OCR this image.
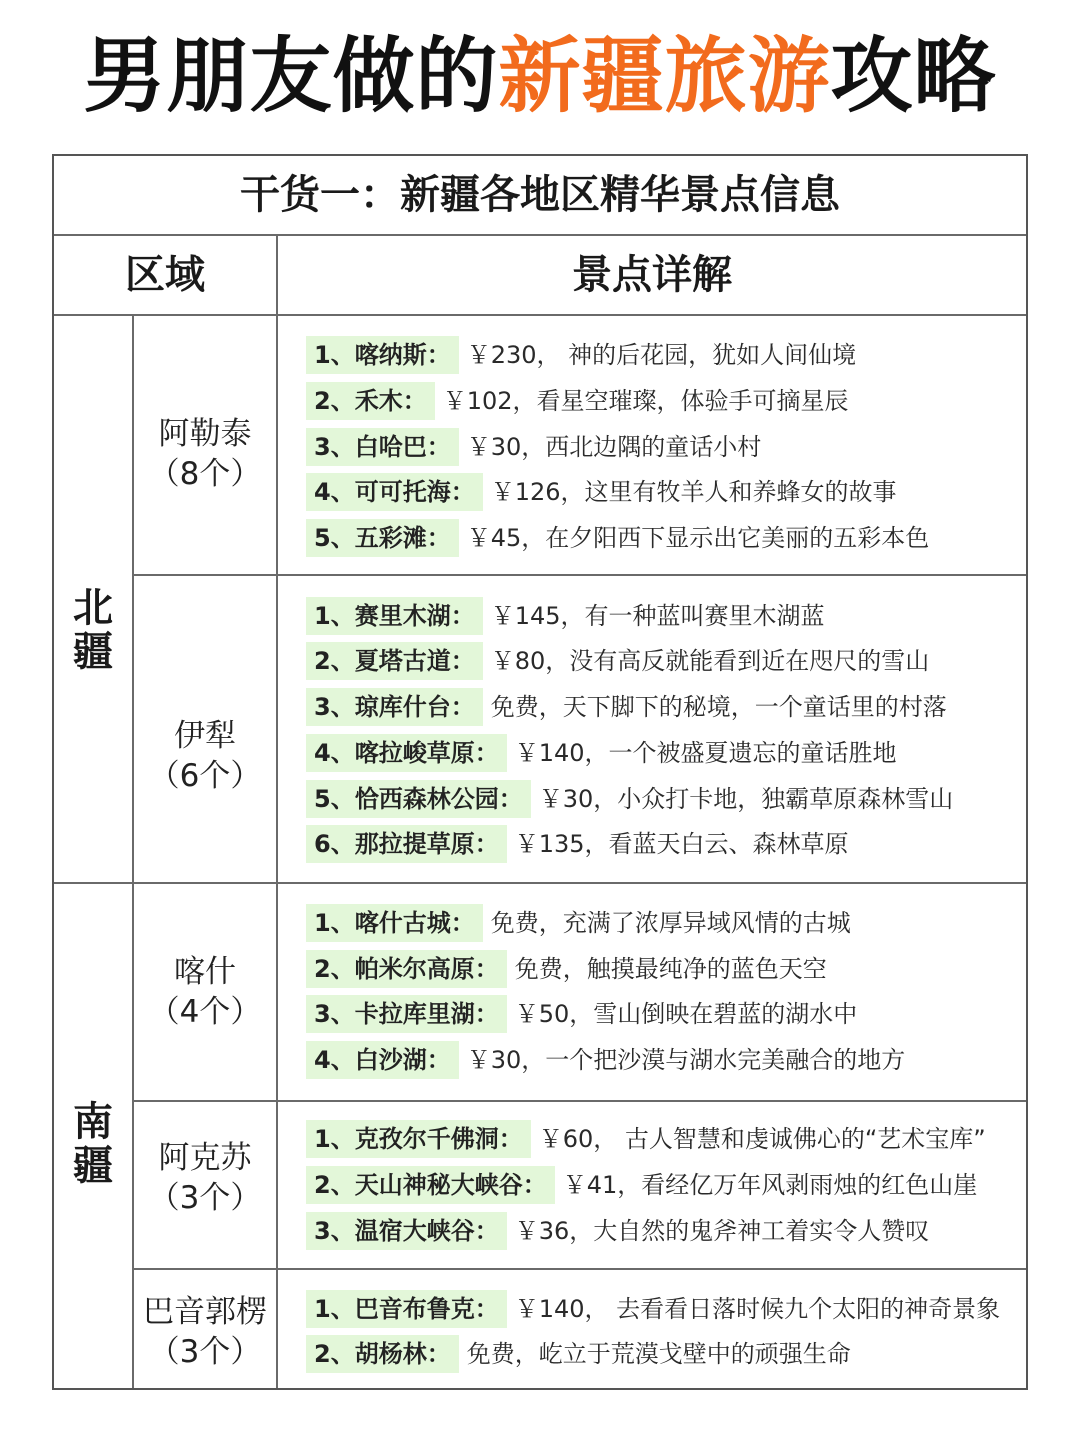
男朋友做的新疆旅游攻略
干货一：新疆各地区精华景点信息
区域	景点详解
北
疆
阿勒泰
（8个）
1、喀纳斯： ￥230， 神的后花园，犹如人间仙境
2、禾木： ￥102，看星空璀璨，体验手可摘星辰
3、白哈巴： ￥30，西北边隅的童话小村
4、可可托海： ￥126，这里有牧羊人和养蜂女的故事
5、五彩滩： ￥45，在夕阳西下显示出它美丽的五彩本色
伊犁
（6个）
1、赛里木湖： ￥145，有一种蓝叫赛里木湖蓝
2、夏塔古道： ￥80，没有高反就能看到近在咫尺的雪山
3、琼库什台： 免费，天下脚下的秘境，一个童话里的村落
4、喀拉峻草原： ￥140，一个被盛夏遗忘的童话胜地
5、恰西森林公园： ￥30，小众打卡地，独霸草原森林雪山
6、那拉提草原： ￥135，看蓝天白云、森林草原
南
疆
喀什
（4个）
1、喀什古城： 免费，充满了浓厚异域风情的古城
2、帕米尔高原： 免费，触摸最纯净的蓝色天空
3、卡拉库里湖： ￥50，雪山倒映在碧蓝的湖水中
4、白沙湖： ￥30，一个把沙漠与湖水完美融合的地方
阿克苏
（3个）
1、克孜尔千佛洞： ￥60， 古人智慧和虔诚佛心的“艺术宝库”
2、天山神秘大峡谷： ￥41，看经亿万年风剥雨烛的红色山崖
3、温宿大峡谷： ￥36，大自然的鬼斧神工着实令人赞叹
巴音郭楞
（3个）
1、巴音布鲁克： ￥140， 去看看日落时候九个太阳的神奇景象
2、胡杨林： 免费，屹立于荒漠戈壁中的顽强生命
